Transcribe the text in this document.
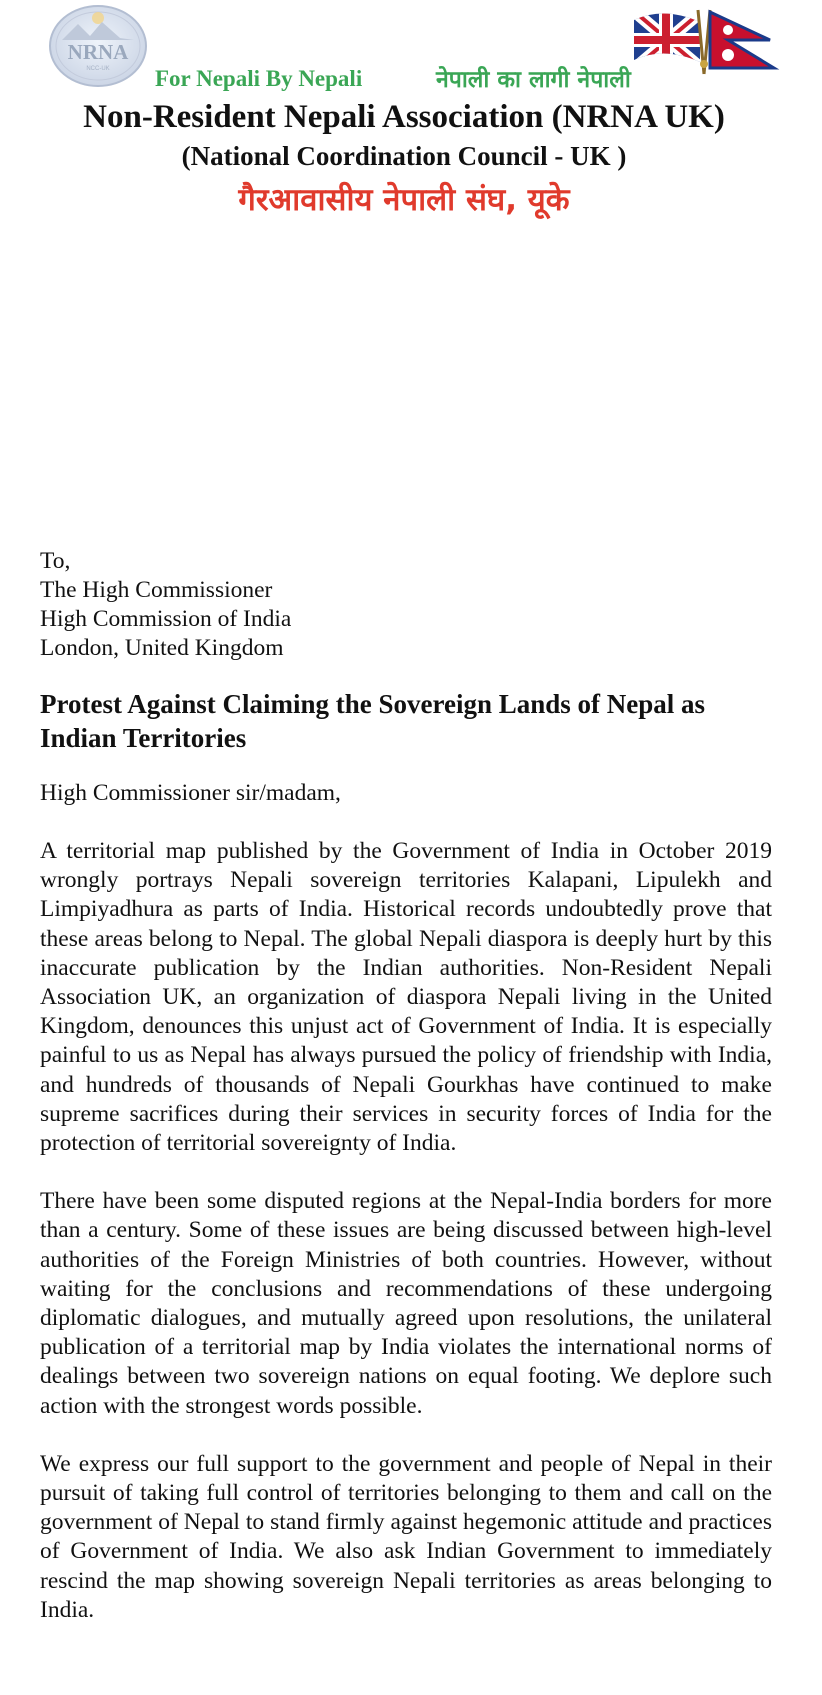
NRNA
NCC-UK For Nepali By Nepali	नेपाली का लागी नेपाली
Non-Resident Nepali Association (NRNA UK)
(National Coordination Council - UK )
गैरआवासीय नेपाली संघ, यूके
To,
The High Commissioner
High Commission of India
London, United Kingdom
Protest Against Claiming the Sovereign Lands of Nepal as Indian Territories
High Commissioner sir/madam,

A territorial map published by the Government of India in October 2019 wrongly portrays Nepali sovereign territories Kalapani, Lipulekh and Limpiyadhura as parts of India. Historical records undoubtedly prove that these areas belong to Nepal. The global Nepali diaspora is deeply hurt by this inaccurate publication by the Indian authorities. Non-Resident Nepali Association UK, an organization of diaspora Nepali living in the United Kingdom, denounces this unjust act of Government of India. It is especially painful to us as Nepal has always pursued the policy of friendship with India, and hundreds of thousands of Nepali Gourkhas have continued to make supreme sacrifices during their services in security forces of India for the protection of territorial sovereignty of India.

There have been some disputed regions at the Nepal-India borders for more than a century. Some of these issues are being discussed between high-level authorities of the Foreign Ministries of both countries. However, without waiting for the conclusions and recommendations of these undergoing diplomatic dialogues, and mutually agreed upon resolutions, the unilateral publication of a territorial map by India violates the international norms of dealings between two sovereign nations on equal footing. We deplore such action with the strongest words possible.

We express our full support to the government and people of Nepal in their pursuit of taking full control of territories belonging to them and call on the government of Nepal to stand firmly against hegemonic attitude and practices of Government of India. We also ask Indian Government to immediately rescind the map showing sovereign Nepali territories as areas belonging to India.
